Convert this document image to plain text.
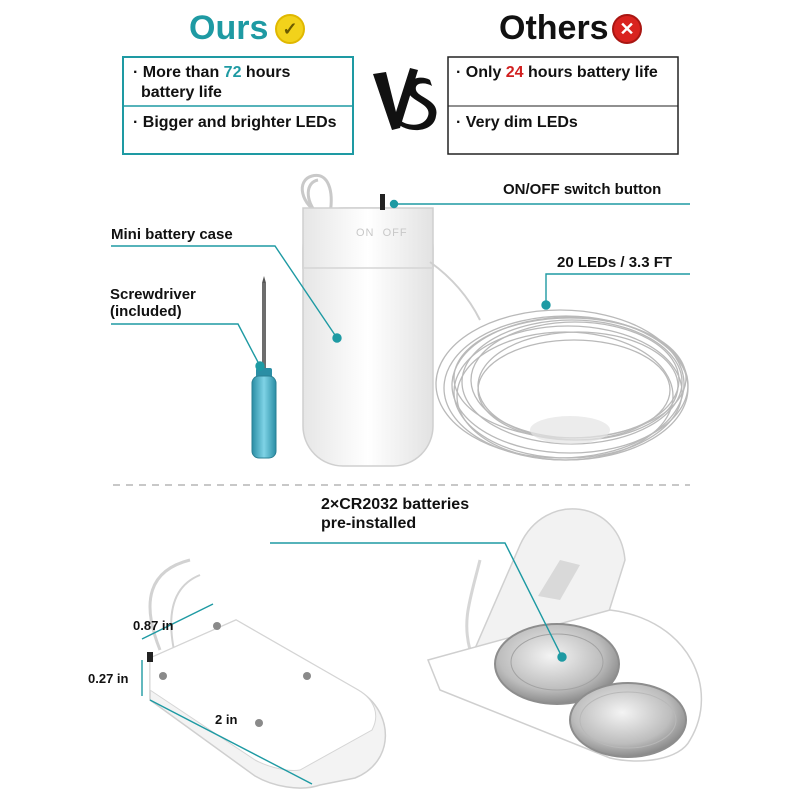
Ours ✓	Others ✕
· More than 72 hours
battery life
· Bigger and brighter LEDs
· Only 24 hours battery life
· Very dim LEDs
ON/OFF switch button
Mini battery case
Screwdriver
(included)
20 LEDs / 3.3 FT
ON  OFF
2×CR2032 batteries
pre-installed
0.87 in
0.27 in
2 in
